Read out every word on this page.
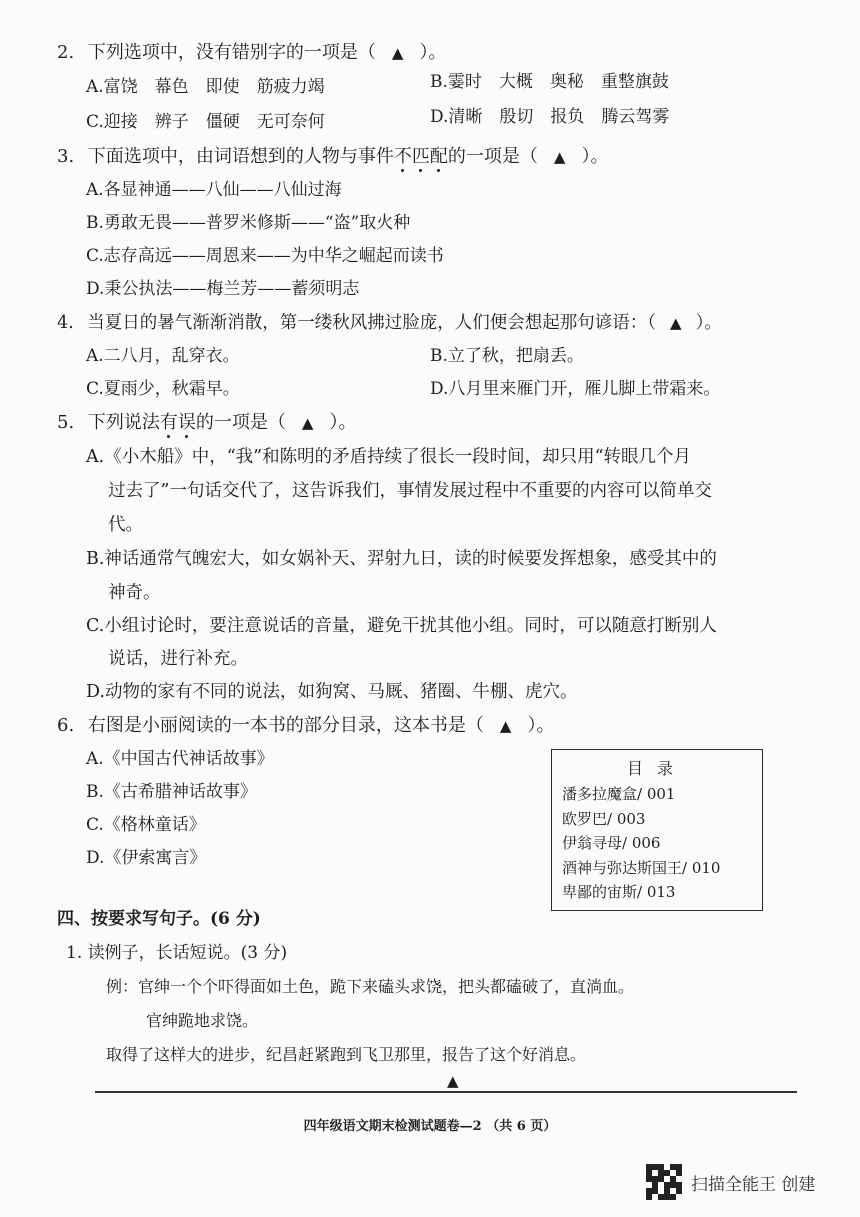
2. 下列选项中，没有错别字的一项是（ ▲ ）。
A.富饶　幕色　即使　筋疲力竭	B.霎时　大概　奥秘　重整旗鼓
C.迎接　辨子　僵硬　无可奈何	D.清晰　殷切　报负　腾云驾雾
3. 下面选项中，由词语想到的人物与事件不匹配的一项是（ ▲ ）。
A.各显神通——八仙——八仙过海
B.勇敢无畏——普罗米修斯——“盗”取火种
C.志存高远——周恩来——为中华之崛起而读书
D.秉公执法——梅兰芳——蓄须明志
4. 当夏日的暑气渐渐消散，第一缕秋风拂过脸庞，人们便会想起那句谚语：（ ▲ ）。
A.二八月，乱穿衣。	B.立了秋，把扇丢。
C.夏雨少，秋霜早。	D.八月里来雁门开，雁儿脚上带霜来。
5. 下列说法有误的一项是（ ▲ ）。
A.《小木船》中，“我”和陈明的矛盾持续了很长一段时间，却只用“转眼几个月
过去了”一句话交代了，这告诉我们，事情发展过程中不重要的内容可以简单交
代。
B.神话通常气魄宏大，如女娲补天、羿射九日，读的时候要发挥想象，感受其中的
神奇。
C.小组讨论时，要注意说话的音量，避免干扰其他小组。同时，可以随意打断别人
说话，进行补充。
D.动物的家有不同的说法，如狗窝、马厩、猪圈、牛棚、虎穴。
6. 右图是小丽阅读的一本书的部分目录，这本书是（ ▲ ）。
A.《中国古代神话故事》
B.《古希腊神话故事》
C.《格林童话》
D.《伊索寓言》
目录
潘多拉魔盒/ 001
欧罗巴/ 003
伊翁寻母/ 006
酒神与弥达斯国王/ 010
卑鄙的宙斯/ 013
四、按要求写句子。(6 分)
1. 读例子，长话短说。(3 分)
例：官绅一个个吓得面如土色，跪下来磕头求饶，把头都磕破了，直淌血。
官绅跪地求饶。
取得了这样大的进步，纪昌赶紧跑到飞卫那里，报告了这个好消息。
▲
四年级语文期末检测试题卷—2 （共 6 页）
扫描全能王 创建
